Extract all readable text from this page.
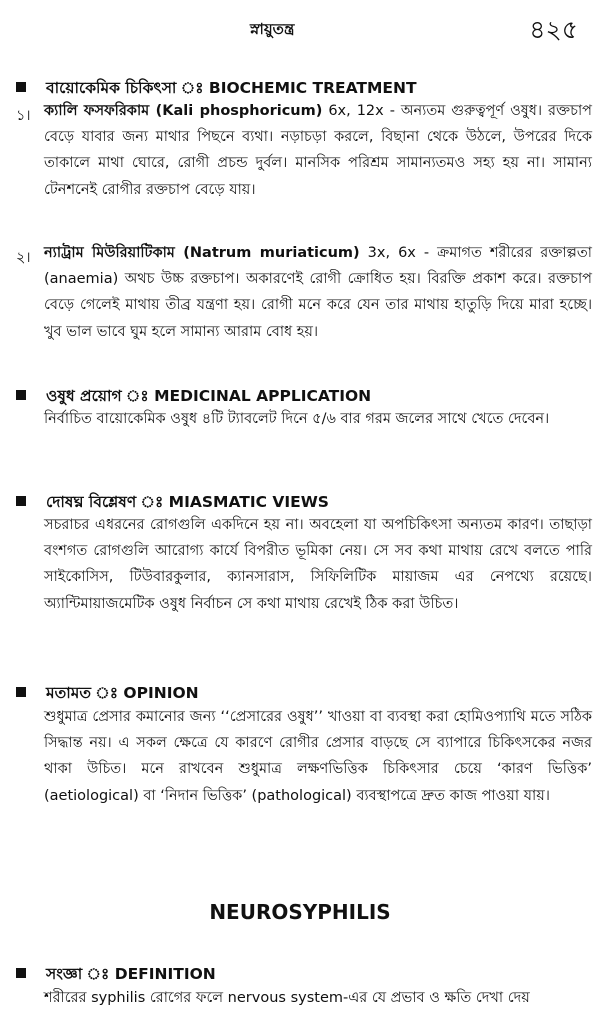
স্নায়ুতন্ত্র	৪২৫
বায়োকেমিক চিকিৎসা ঃ BIOCHEMIC TREATMENT
১। ক্যালি ফসফরিকাম (Kali phosphoricum) 6x, 12x - অন্যতম গুরুত্বপূর্ণ ওষুধ। রক্তচাপ বেড়ে যাবার জন্য মাথার পিছনে ব্যথা। নড়াচড়া করলে, বিছানা থেকে উঠলে, উপরের দিকে তাকালে মাথা ঘোরে, রোগী প্রচন্ড দুর্বল। মানসিক পরিশ্রম সামান্যতমও সহ্য হয় না। সামান্য টেনশনেই রোগীর রক্তচাপ বেড়ে যায়।
২। ন্যাট্রাম মিউরিয়াটিকাম (Natrum muriaticum) 3x, 6x - ক্রমাগত শরীরের রক্তাল্পতা (anaemia) অথচ উচ্চ রক্তচাপ। অকারণেই রোগী ক্রোধিত হয়। বিরক্তি প্রকাশ করে। রক্তচাপ বেড়ে গেলেই মাথায় তীব্র যন্ত্রণা হয়। রোগী মনে করে যেন তার মাথায় হাতুড়ি দিয়ে মারা হচ্ছে। খুব ভাল ভাবে ঘুম হলে সামান্য আরাম বোধ হয়।
ওষুধ প্রয়োগ ঃ MEDICINAL APPLICATION
নির্বাচিত বায়োকেমিক ওষুধ ৪টি ট্যাবলেট দিনে ৫/৬ বার গরম জলের সাথে খেতে দেবেন।
দোষঘ্ন বিশ্লেষণ ঃ MIASMATIC VIEWS
সচরাচর এধরনের রোগগুলি একদিনে হয় না। অবহেলা যা অপচিকিৎসা অন্যতম কারণ। তাছাড়া বংশগত রোগগুলি আরোগ্য কার্যে বিপরীত ভূমিকা নেয়। সে সব কথা মাথায় রেখে বলতে পারি সাইকোসিস, টিউবারকুলার, ক্যানসারাস, সিফিলিটিক মায়াজম এর নেপথ্যে রয়েছে। অ্যান্টিমায়াজমেটিক ওষুধ নির্বাচন সে কথা মাথায় রেখেই ঠিক করা উচিত।
মতামত ঃ OPINION
শুধুমাত্র প্রেসার কমানোর জন্য ‘‘প্রেসারের ওষুধ’’ খাওয়া বা ব্যবস্থা করা হোমিওপ্যাথি মতে সঠিক সিদ্ধান্ত নয়। এ সকল ক্ষেত্রে যে কারণে রোগীর প্রেসার বাড়ছে সে ব্যাপারে চিকিৎসকের নজর থাকা উচিত। মনে রাখবেন শুধুমাত্র লক্ষণভিত্তিক চিকিৎসার চেয়ে ‘কারণ ভিত্তিক’ (aetiological) বা ‘নিদান ভিত্তিক’ (pathological) ব্যবস্থাপত্রে দ্রুত কাজ পাওয়া যায়।
NEUROSYPHILIS
সংজ্ঞা ঃ DEFINITION
শরীরের syphilis রোগের ফলে nervous system-এর যে প্রভাব ও ক্ষতি দেখা দেয়
